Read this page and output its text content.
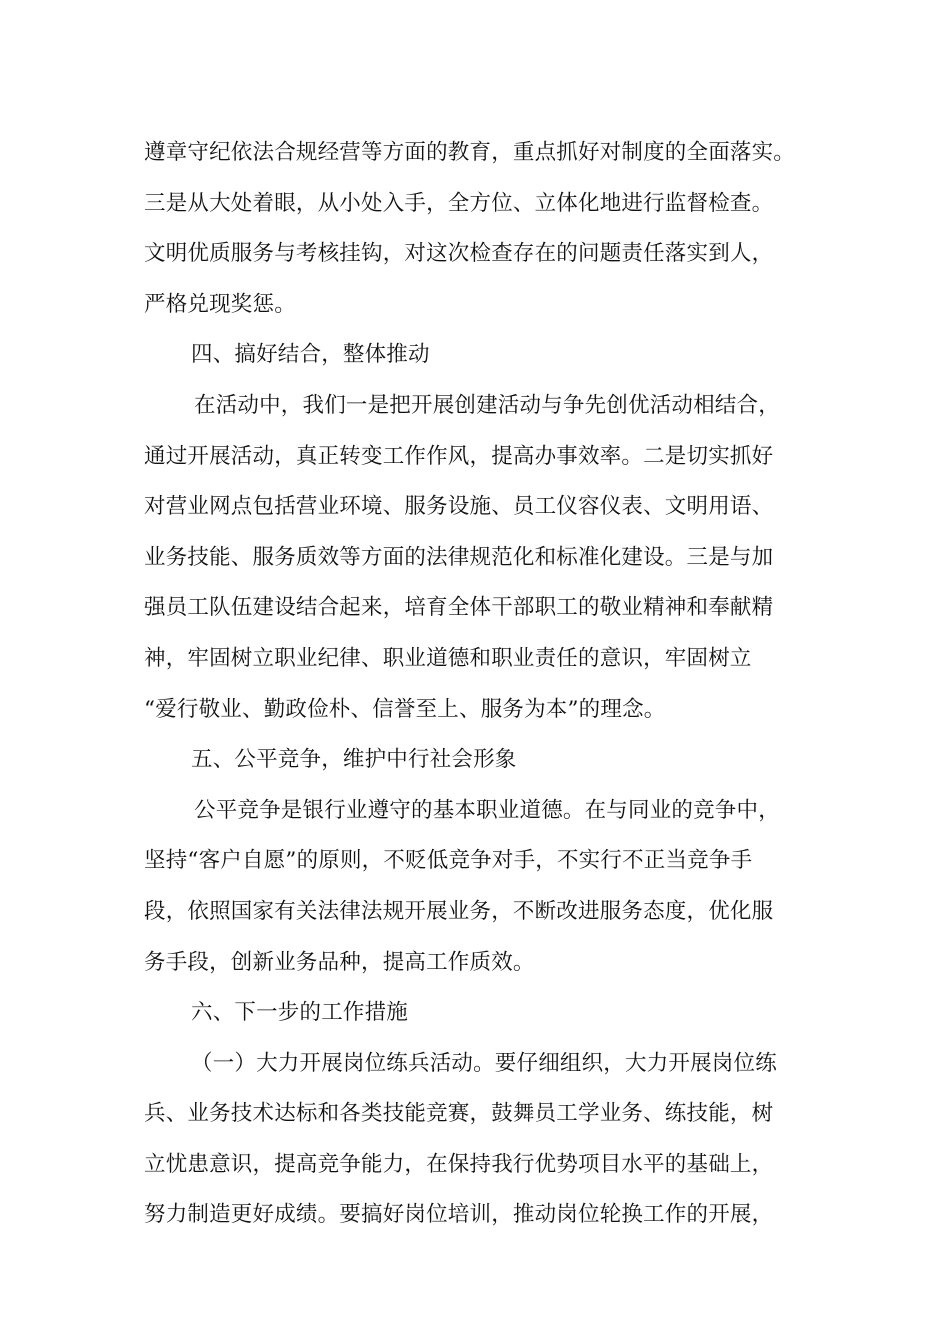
遵章守纪依法合规经营等方面的教育，重点抓好对制度的全面落实。
三是从大处着眼，从小处入手，全方位、立体化地进行监督检查。
文明优质服务与考核挂钩，对这次检查存在的问题责任落实到人，
严格兑现奖惩。
四、搞好结合，整体推动
在活动中，我们一是把开展创建活动与争先创优活动相结合，
通过开展活动，真正转变工作作风，提高办事效率。二是切实抓好
对营业网点包括营业环境、服务设施、员工仪容仪表、文明用语、
业务技能、服务质效等方面的法律规范化和标准化建设。三是与加
强员工队伍建设结合起来，培育全体干部职工的敬业精神和奉献精
神，牢固树立职业纪律、职业道德和职业责任的意识，牢固树立
“爱行敬业、勤政俭朴、信誉至上、服务为本”的理念。
五、公平竞争，维护中行社会形象
公平竞争是银行业遵守的基本职业道德。在与同业的竞争中，
坚持“客户自愿”的原则，不贬低竞争对手，不实行不正当竞争手
段，依照国家有关法律法规开展业务，不断改进服务态度，优化服
务手段，创新业务品种，提高工作质效。
六、下一步的工作措施
（一）大力开展岗位练兵活动。要仔细组织，大力开展岗位练
兵、业务技术达标和各类技能竞赛，鼓舞员工学业务、练技能，树
立忧患意识，提高竞争能力，在保持我行优势项目水平的基础上，
努力制造更好成绩。要搞好岗位培训，推动岗位轮换工作的开展，
